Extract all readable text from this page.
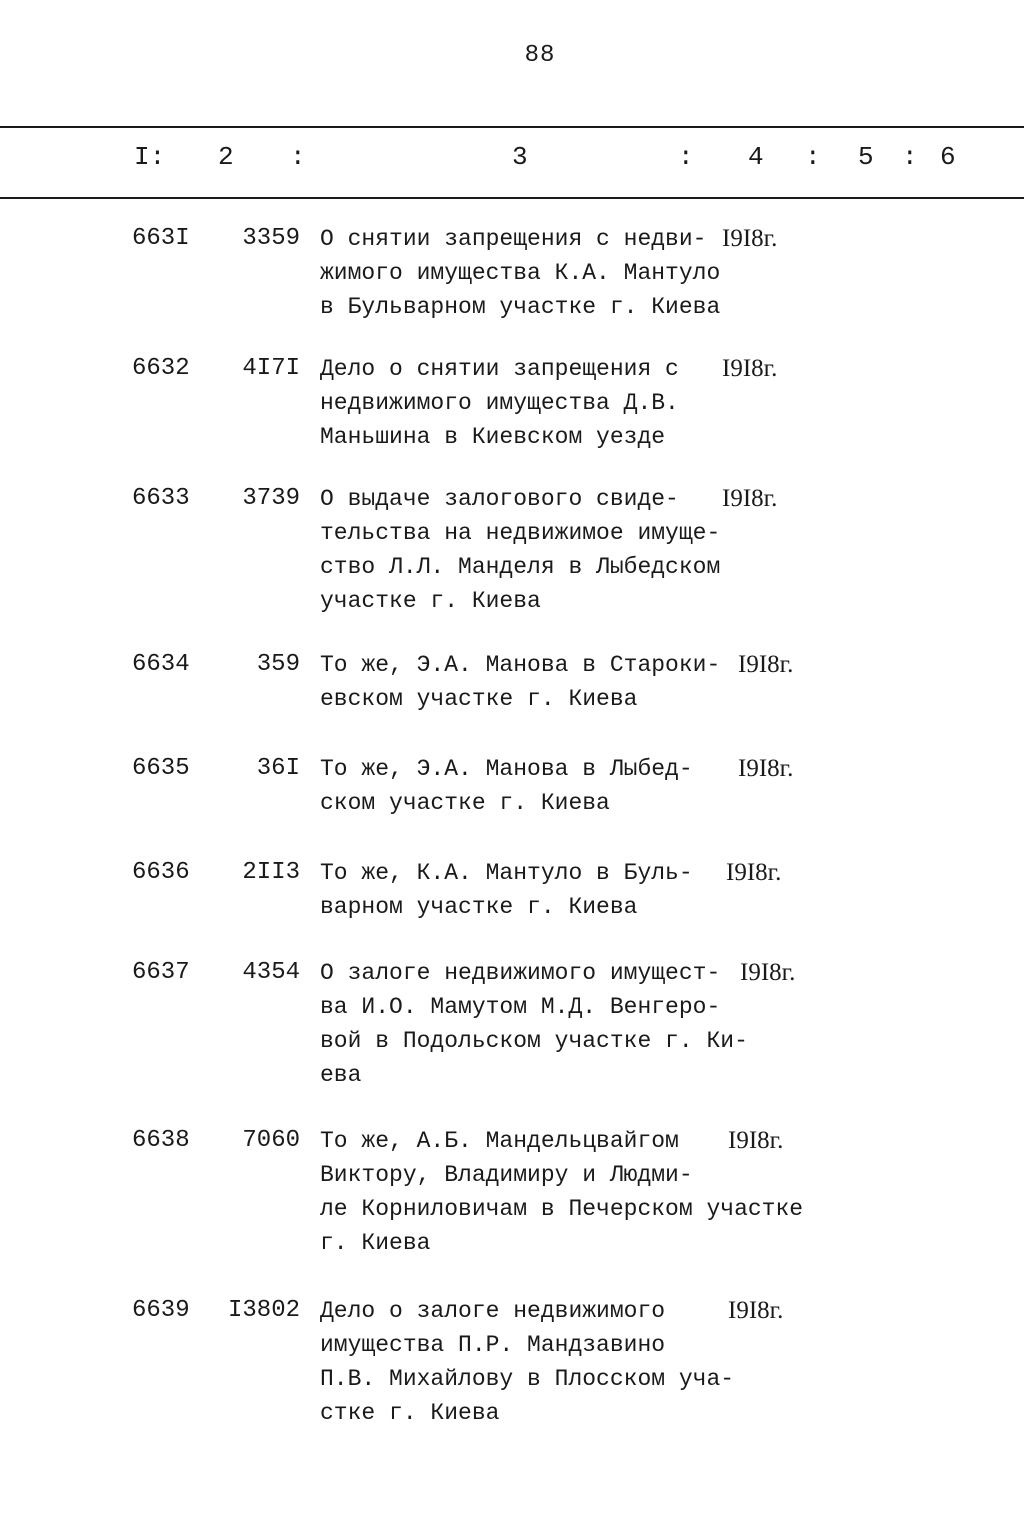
88
I: 2 :	3	: 4 : 5 : 6
663I	3359 О снятии запрещения с недви-
жимого имущества К.А. Мантуло
в Бульварном участке г. Киева
I9I8г.
6632	4I7I Дело о снятии запрещения с
недвижимого имущества Д.В.
Маньшина в Киевском уезде
I9I8г.
6633	3739 О выдаче залогового свиде-
тельства на недвижимое имуще-
ство Л.Л. Манделя в Лыбедском
участке г. Киева
I9I8г.
6634	359 То же, Э.А. Манова в Староки-
евском участке г. Киева
I9I8г.
6635	36I То же, Э.А. Манова в Лыбед-
ском участке г. Киева
I9I8г.
6636	2II3 То же, К.А. Мантуло в Буль-
варном участке г. Киева
I9I8г.
6637	4354 О залоге недвижимого имущест-
ва И.О. Мамутом М.Д. Венгеро-
вой в Подольском участке г. Ки-
ева
I9I8г.
6638	7060 То же, А.Б. Мандельцвайгом
Виктору, Владимиру и Людми-
ле Корниловичам в Печерском участке
г. Киева
I9I8г.
6639	I3802 Дело о залоге недвижимого
имущества П.Р. Мандзавино
П.В. Михайлову в Плосском уча-
стке г. Киева
I9I8г.
